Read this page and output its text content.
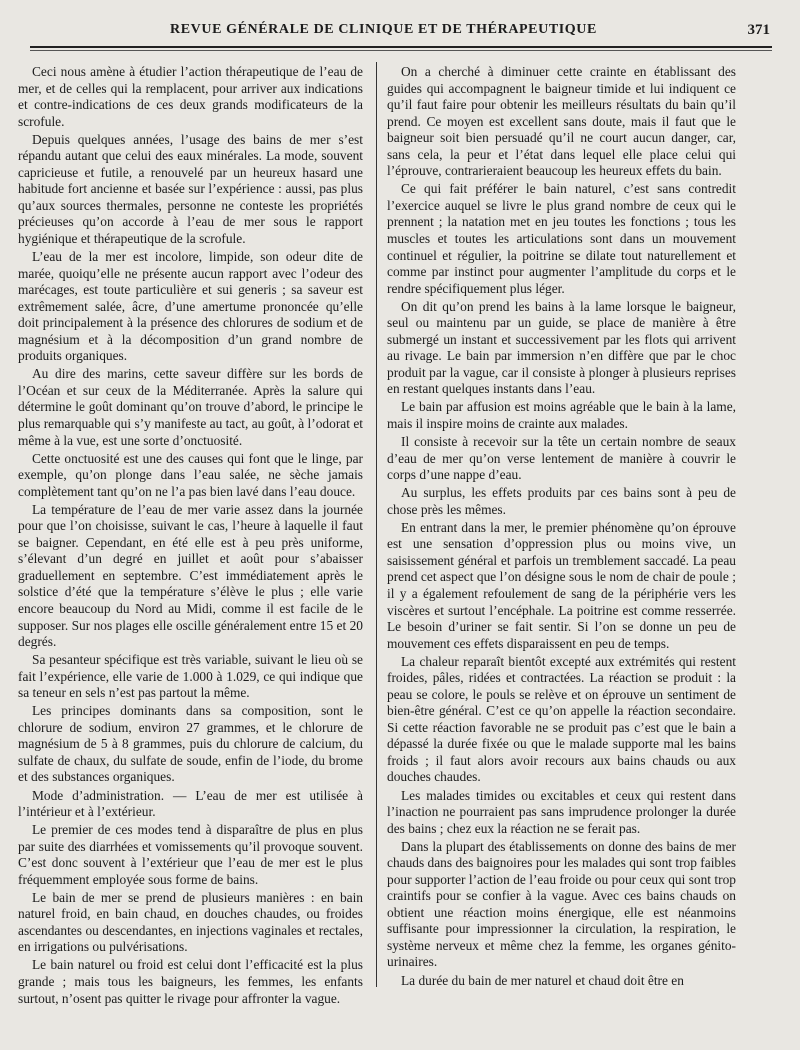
REVUE GÉNÉRALE DE CLINIQUE ET DE THÉRAPEUTIQUE	371

Ceci nous amène à étudier l’action thérapeutique de l’eau de mer, et de celles qui la remplacent, pour arriver aux indications et contre-indications de ces deux grands modificateurs de la scrofule.

Depuis quelques années, l’usage des bains de mer s’est répandu autant que celui des eaux minérales. La mode, souvent capricieuse et futile, a renouvelé par un heureux hasard une habitude fort ancienne et basée sur l’expérience : aussi, pas plus qu’aux sources thermales, personne ne conteste les propriétés précieuses qu’on accorde à l’eau de mer sous le rapport hygiénique et thérapeutique de la scrofule.

L’eau de la mer est incolore, limpide, son odeur dite de marée, quoiqu’elle ne présente aucun rapport avec l’odeur des marécages, est toute particulière et sui generis ; sa saveur est extrêmement salée, âcre, d’une amertume prononcée qu’elle doit principalement à la présence des chlorures de sodium et de magnésium et à la décomposition d’un grand nombre de produits organiques.

Au dire des marins, cette saveur diffère sur les bords de l’Océan et sur ceux de la Méditerranée. Après la salure qui détermine le goût dominant qu’on trouve d’abord, le principe le plus remarquable qui s’y manifeste au tact, au goût, à l’odorat et même à la vue, est une sorte d’onctuosité.

Cette onctuosité est une des causes qui font que le linge, par exemple, qu’on plonge dans l’eau salée, ne sèche jamais complètement tant qu’on ne l’a pas bien lavé dans l’eau douce.

La température de l’eau de mer varie assez dans la journée pour que l’on choisisse, suivant le cas, l’heure à laquelle il faut se baigner. Cependant, en été elle est à peu près uniforme, s’élevant d’un degré en juillet et août pour s’abaisser graduellement en septembre. C’est immédiatement après le solstice d’été que la température s’élève le plus ; elle varie encore beaucoup du Nord au Midi, comme il est facile de le supposer. Sur nos plages elle oscille généralement entre 15 et 20 degrés.

Sa pesanteur spécifique est très variable, suivant le lieu où se fait l’expérience, elle varie de 1.000 à 1.029, ce qui indique que sa teneur en sels n’est pas partout la même.

Les principes dominants dans sa composition, sont le chlorure de sodium, environ 27 grammes, et le chlorure de magnésium de 5 à 8 grammes, puis du chlorure de calcium, du sulfate de chaux, du sulfate de soude, enfin de l’iode, du brome et des substances organiques.

Mode d’administration. — L’eau de mer est utilisée à l’intérieur et à l’extérieur.

Le premier de ces modes tend à disparaître de plus en plus par suite des diarrhées et vomissements qu’il provoque souvent. C’est donc souvent à l’extérieur que l’eau de mer est le plus fréquemment employée sous forme de bains.

Le bain de mer se prend de plusieurs manières : en bain naturel froid, en bain chaud, en douches chaudes, ou froides ascendantes ou descendantes, en injections vaginales et rectales, en irrigations ou pulvérisations.

Le bain naturel ou froid est celui dont l’efficacité est la plus grande ; mais tous les baigneurs, les femmes, les enfants surtout, n’osent pas quitter le rivage pour affronter la vague.

On a cherché à diminuer cette crainte en établissant des guides qui accompagnent le baigneur timide et lui indiquent ce qu’il faut faire pour obtenir les meilleurs résultats du bain qu’il prend. Ce moyen est excellent sans doute, mais il faut que le baigneur soit bien persuadé qu’il ne court aucun danger, car, sans cela, la peur et l’état dans lequel elle place celui qui l’éprouve, contrarieraient beaucoup les heureux effets du bain.

Ce qui fait préférer le bain naturel, c’est sans contredit l’exercice auquel se livre le plus grand nombre de ceux qui le prennent ; la natation met en jeu toutes les fonctions ; tous les muscles et toutes les articulations sont dans un mouvement continuel et régulier, la poitrine se dilate tout naturellement et comme par instinct pour augmenter l’amplitude du corps et le rendre spécifiquement plus léger.

On dit qu’on prend les bains à la lame lorsque le baigneur, seul ou maintenu par un guide, se place de manière à être submergé un instant et successivement par les flots qui arrivent au rivage. Le bain par immersion n’en diffère que par le choc produit par la vague, car il consiste à plonger à plusieurs reprises en restant quelques instants dans l’eau.

Le bain par affusion est moins agréable que le bain à la lame, mais il inspire moins de crainte aux malades.

Il consiste à recevoir sur la tête un certain nombre de seaux d’eau de mer qu’on verse lentement de manière à couvrir le corps d’une nappe d’eau.

Au surplus, les effets produits par ces bains sont à peu de chose près les mêmes.

En entrant dans la mer, le premier phénomène qu’on éprouve est une sensation d’oppression plus ou moins vive, un saisissement général et parfois un tremblement saccadé. La peau prend cet aspect que l’on désigne sous le nom de chair de poule ; il y a également refoulement de sang de la périphérie vers les viscères et surtout l’encéphale. La poitrine est comme resserrée. Le besoin d’uriner se fait sentir. Si l’on se donne un peu de mouvement ces effets disparaissent en peu de temps.

La chaleur reparaît bientôt excepté aux extrémités qui restent froides, pâles, ridées et contractées. La réaction se produit : la peau se colore, le pouls se relève et on éprouve un sentiment de bien-être général. C’est ce qu’on appelle la réaction secondaire. Si cette réaction favorable ne se produit pas c’est que le bain a dépassé la durée fixée ou que le malade supporte mal les bains froids ; il faut alors avoir recours aux bains chauds ou aux douches chaudes.

Les malades timides ou excitables et ceux qui restent dans l’inaction ne pourraient pas sans imprudence prolonger la durée des bains ; chez eux la réaction ne se ferait pas.

Dans la plupart des établissements on donne des bains de mer chauds dans des baignoires pour les malades qui sont trop faibles pour supporter l’action de l’eau froide ou pour ceux qui sont trop craintifs pour se confier à la vague. Avec ces bains chauds on obtient une réaction moins énergique, elle est néanmoins suffisante pour impressionner la circulation, la respiration, le système nerveux et même chez la femme, les organes génito-urinaires.

La durée du bain de mer naturel et chaud doit être en
